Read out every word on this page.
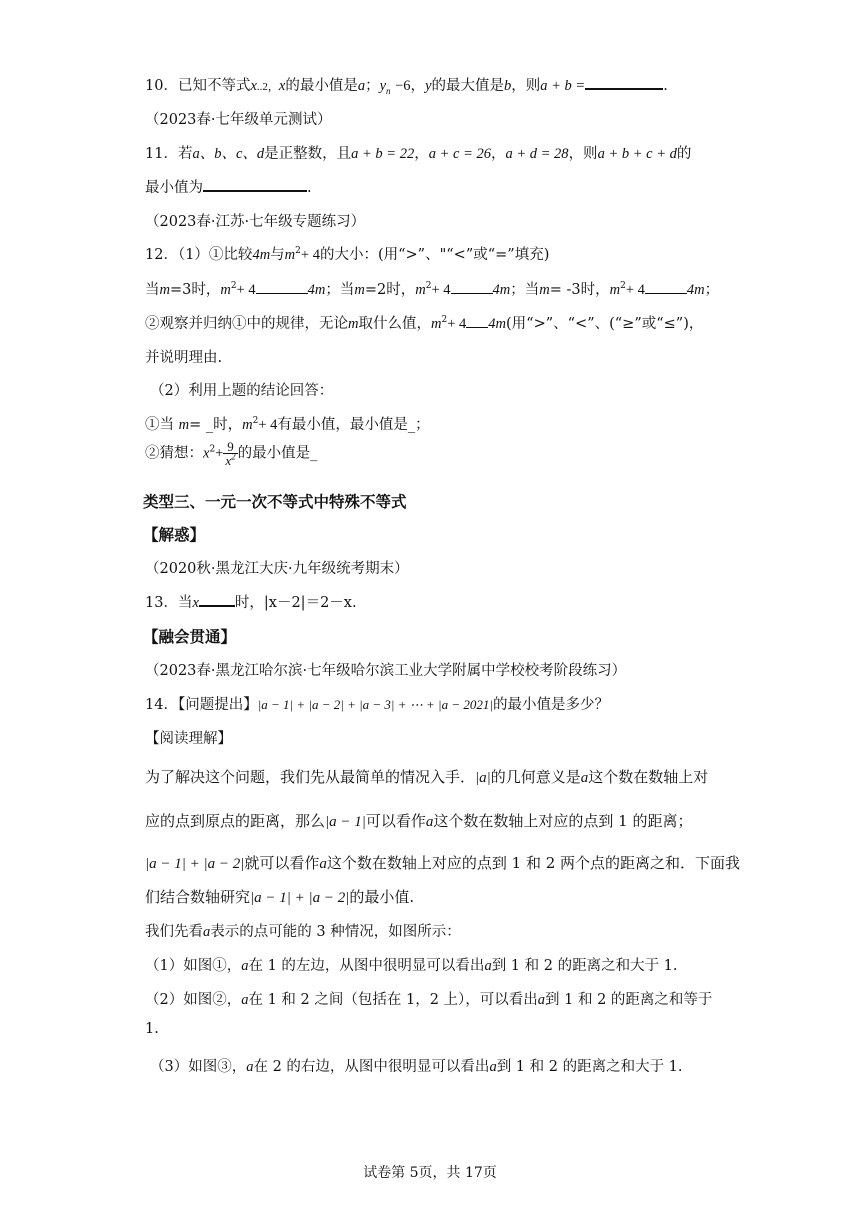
10．已知不等式x..2，x的最小值是a；$y_n -6$，y的最大值是b，则a + b =	.
（2023春·七年级单元测试）
11．若a、b、c、d是正整数，且a + b = 22，a + c = 26，a + d = 28，则a + b + c + d的
最小值为	.
（2023春·江苏·七年级专题练习）
12．（1）①比较4m与$m^2+ 4$的大小：(用“>”、"“<”或“=”填充)
当m=3时，$m^2+ 4$	4m；当m=2时，$m^2+ 4$	4m；当m= -3时，$m^2+ 4$	4m；
②观察并归纳①中的规律，无论m取什么值，$m^2+ 4$ 4m(用“>”、“<”、(“≥”或“≤”)，
并说明理由.
（2）利用上题的结论回答：
①当 m= _时，$m^2+ 4$有最小值，最小值是_；
②猜想：$x^2+ \frac{9}{x^2}$ 的最小值是_
类型三、一元一次不等式中特殊不等式
【解惑】
（2020秋·黑龙江大庆·九年级统考期末）
13．当x 时，|x－2|＝2－x.
【融会贯通】
（2023春·黑龙江哈尔滨·七年级哈尔滨工业大学附属中学校校考阶段练习）
14．【问题提出】|a − 1| + |a − 2| + |a − 3| + ⋯ + |a − 2021|的最小值是多少？
【阅读理解】
为了解决这个问题，我们先从最简单的情况入手．|a|的几何意义是a这个数在数轴上对
应的点到原点的距离，那么|a − 1|可以看作a这个数在数轴上对应的点到 1 的距离；
|a − 1| + |a − 2|就可以看作a这个数在数轴上对应的点到 1 和 2 两个点的距离之和．下面我
们结合数轴研究|a − 1| + |a − 2|的最小值.
我们先看a表示的点可能的 3 种情况，如图所示：
（1）如图①，a在 1 的左边，从图中很明显可以看出a到 1 和 2 的距离之和大于 1.
（2）如图②，a在 1 和 2 之间（包括在 1，2 上），可以看出a到 1 和 2 的距离之和等于
1.
（3）如图③，a在 2 的右边，从图中很明显可以看出a到 1 和 2 的距离之和大于 1.
试卷第 5页，共 17页
